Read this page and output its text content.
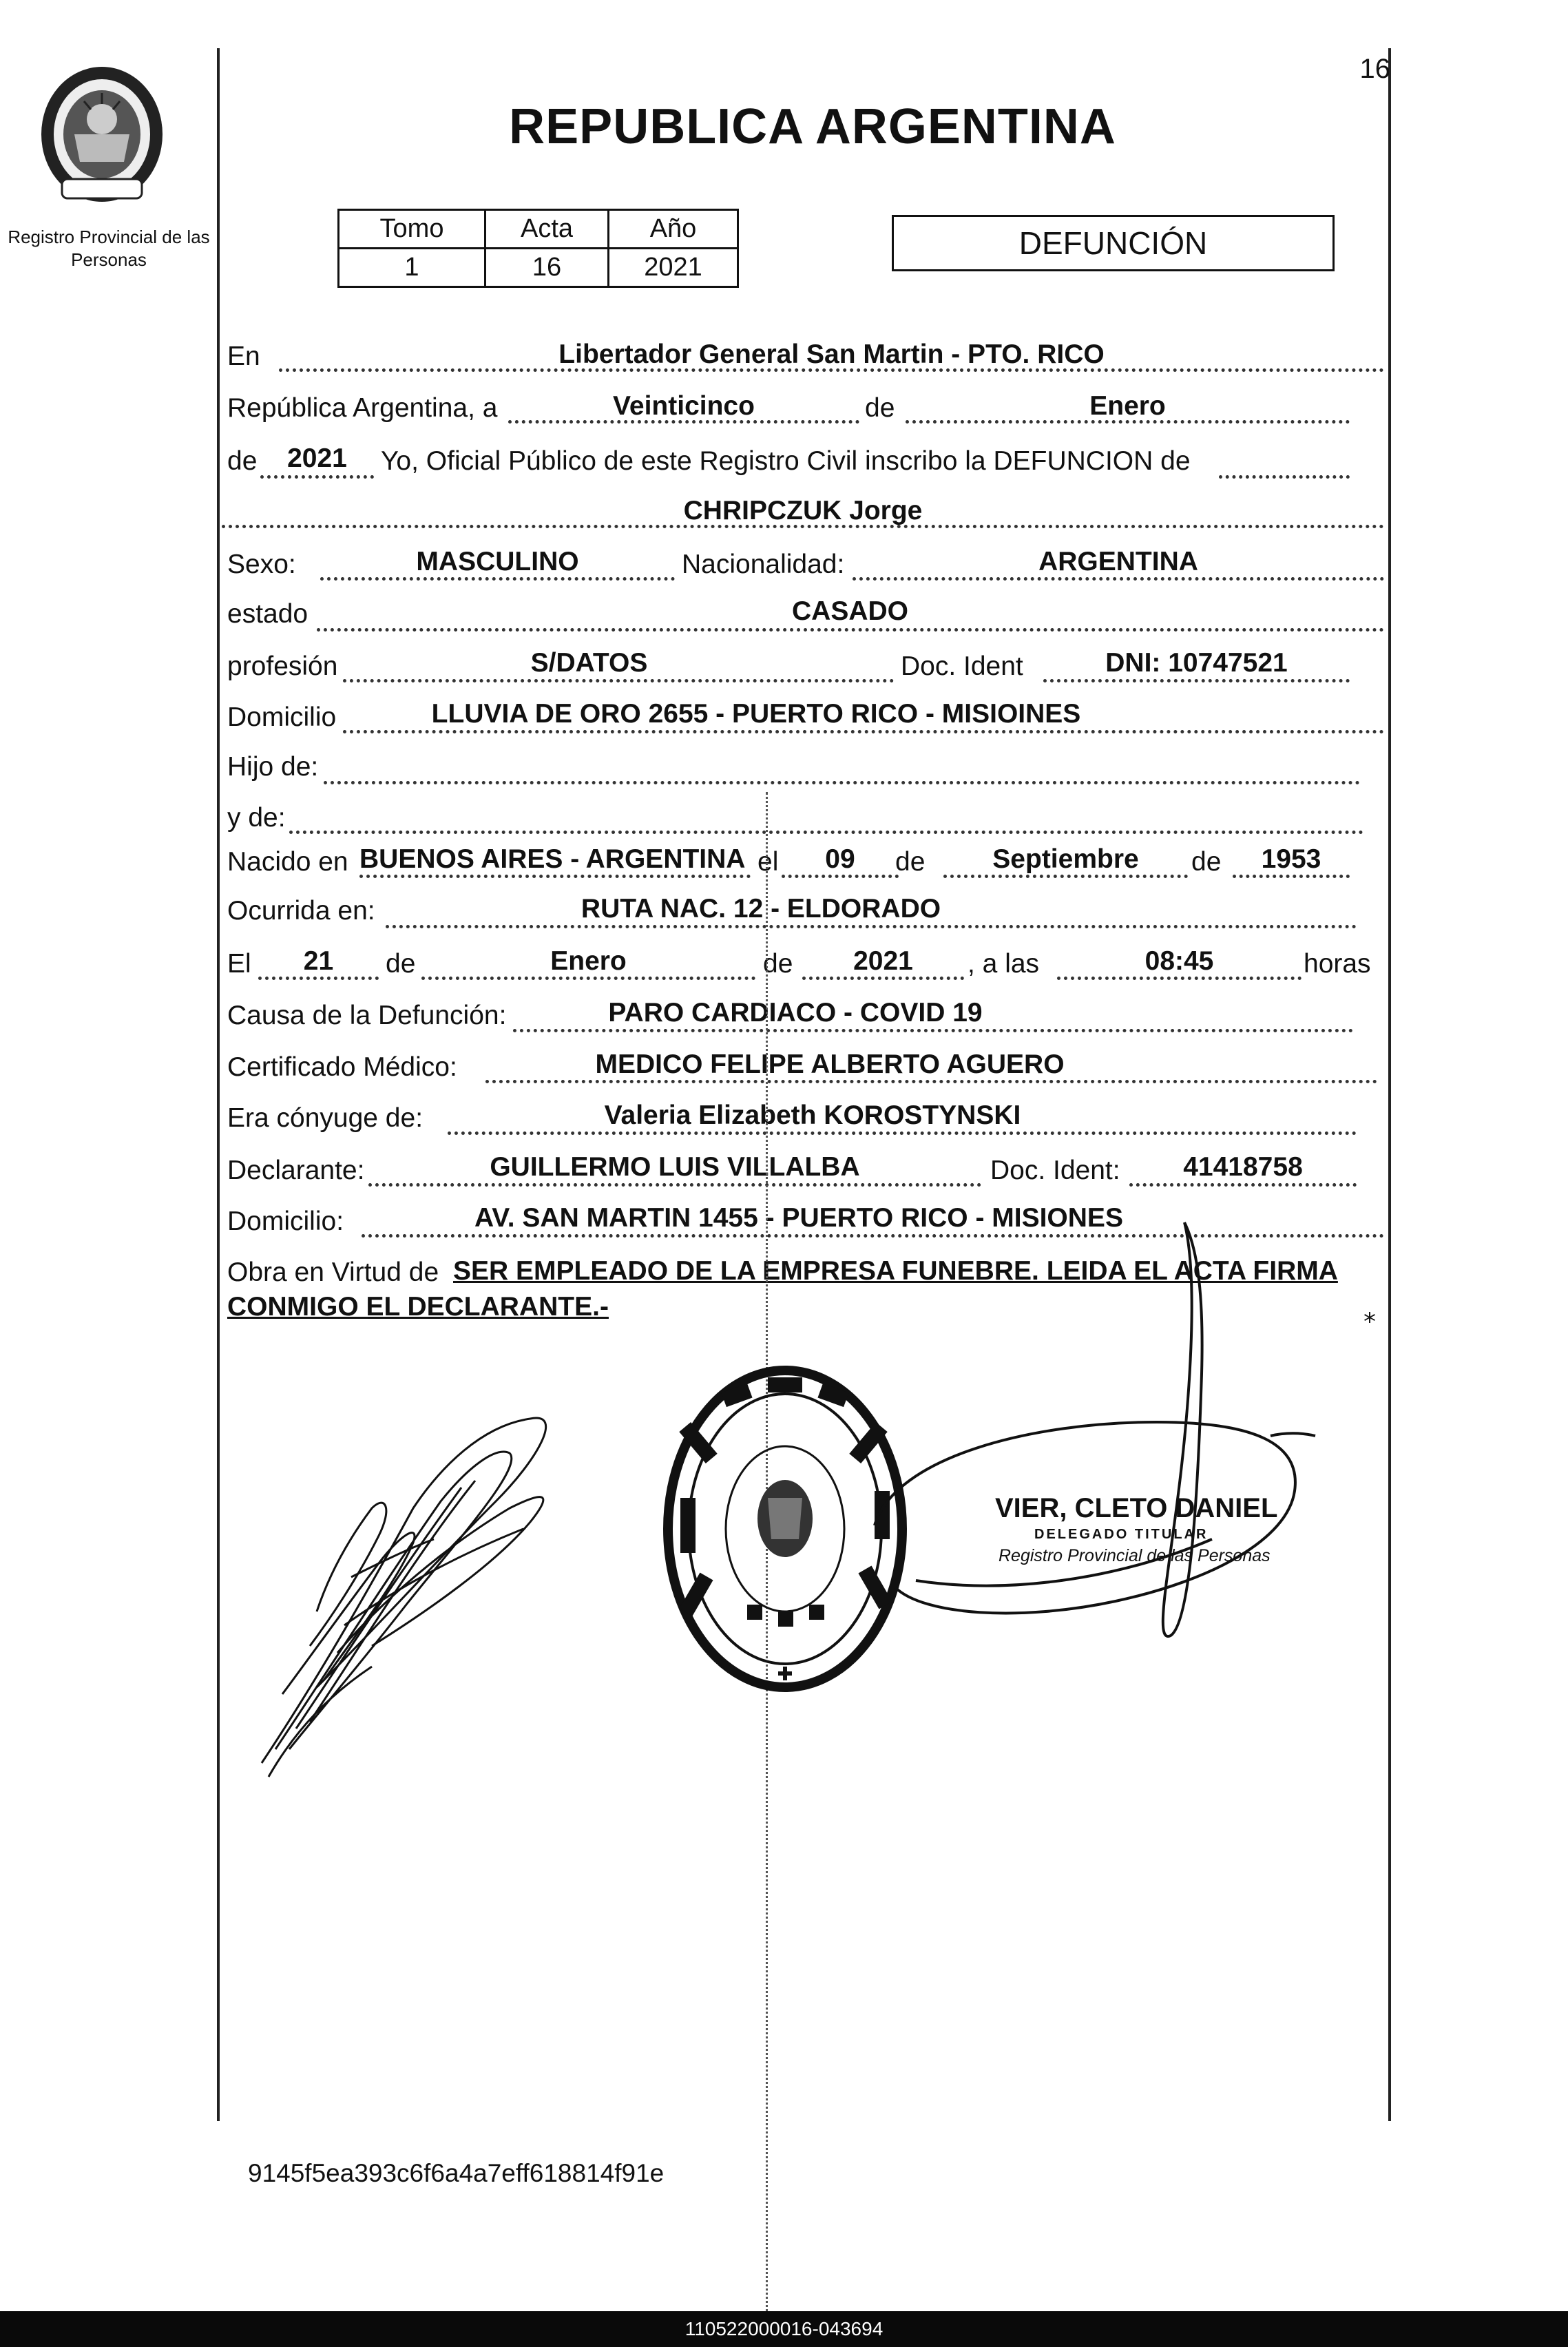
Registro Provincial de las Personas
16
REPUBLICA ARGENTINA
Tomo	Acta	Año
1	16	2021
DEFUNCIÓN
En	Libertador General San Martin - PTO. RICO
República Argentina, a	Veinticinco	de	Enero
de	2021	Yo, Oficial Público de este Registro Civil inscribo la DEFUNCION de
CHRIPCZUK Jorge
Sexo:	MASCULINO	Nacionalidad:	ARGENTINA
estado	CASADO
profesión	S/DATOS	Doc. Ident	DNI: 10747521
Domicilio	LLUVIA DE ORO 2655 - PUERTO RICO - MISIOINES
Hijo de:
y de:
Nacido en BUENOS AIRES - ARGENTINA el	09	de	Septiembre	de	1953
Ocurrida en:	RUTA NAC. 12 - ELDORADO
El	21	de	Enero	de	2021	, a las	08:45	horas
Causa de la Defunción:	PARO CARDIACO - COVID 19
Certificado Médico:	MEDICO FELIPE ALBERTO AGUERO
Era cónyuge de:	Valeria Elizabeth KOROSTYNSKI
Declarante:	GUILLERMO LUIS VILLALBA	Doc. Ident:	41418758
Domicilio:	AV. SAN MARTIN 1455 - PUERTO RICO - MISIONES
Obra en Virtud de SER EMPLEADO DE LA EMPRESA FUNEBRE. LEIDA EL ACTA FIRMA
CONMIGO EL DECLARANTE.-
VIER, CLETO DANIEL
DELEGADO TITULAR
Registro Provincial de las Personas
⁎
9145f5ea393c6f6a4a7eff618814f91e
110522000016-043694
